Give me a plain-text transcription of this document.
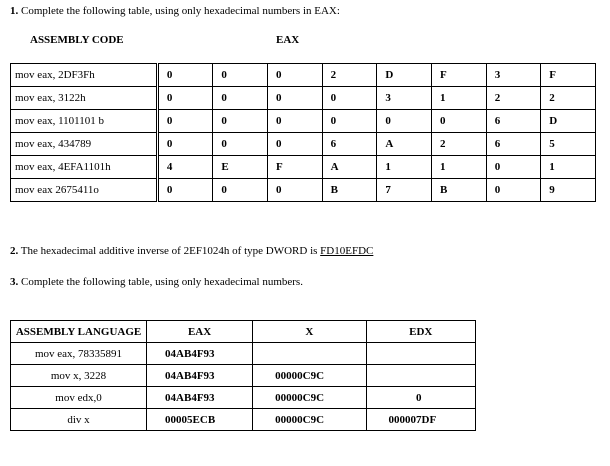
1. Complete the following table, using only hexadecimal numbers in EAX:
ASSEMBLY CODE	EAX
mov eax, 2DF3Fh	0	0	0	2	D	F	3	F
mov eax, 3122h	0	0	0	0	3	1	2	2
mov eax, 1101101 b	0	0	0	0	0	0	6	D
mov eax, 434789	0	0	0	6	A	2	6	5
mov eax, 4EFA1101h	4	E	F	A	1	1	0	1
mov eax 2675411o	0	0	0	B	7	B	0	9
2. The hexadecimal additive inverse of 2EF1024h of type DWORD is FD10EFDC
3. Complete the following table, using only hexadecimal numbers.
ASSEMBLY LANGUAGE	EAX	X	EDX
mov eax, 78335891	04AB4F93		
mov x, 3228	04AB4F93	00000C9C	
mov edx,0	04AB4F93	00000C9C	0
div x	00005ECB	00000C9C	000007DF
